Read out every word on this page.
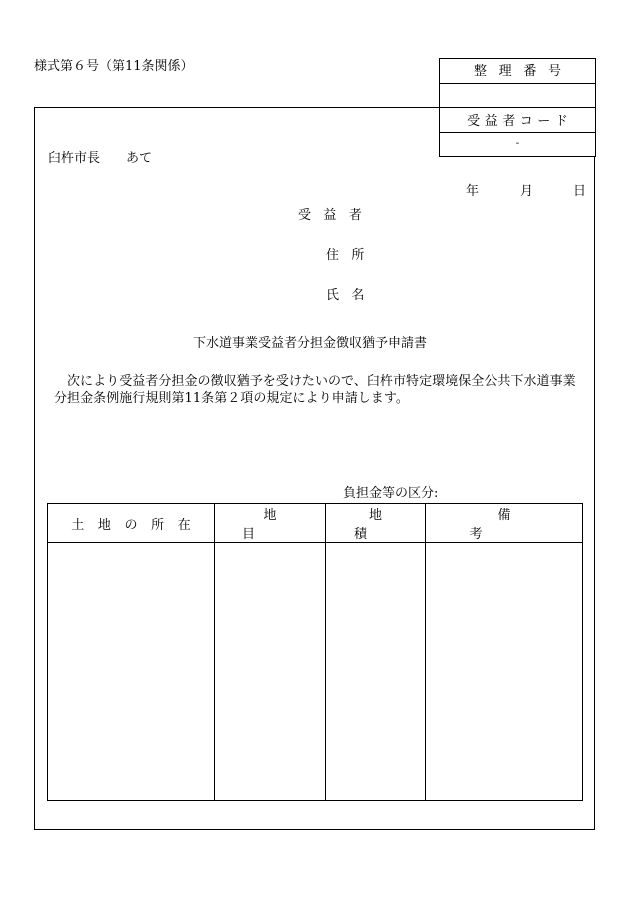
様式第６号（第11条関係）	整理番号
受益者コード
-
臼杵市長 あて
年	月	日
受益者
住所
氏名
下水道事業受益者分担金徴収猶予申請書
次により受益者分担金の徴収猶予を受けたいので、臼杵市特定環境保全公共下水道事業分担金条例施行規則第11条第２項の規定により申請します。
負担金等の区分:
土地の所在	地目	地積	備考
